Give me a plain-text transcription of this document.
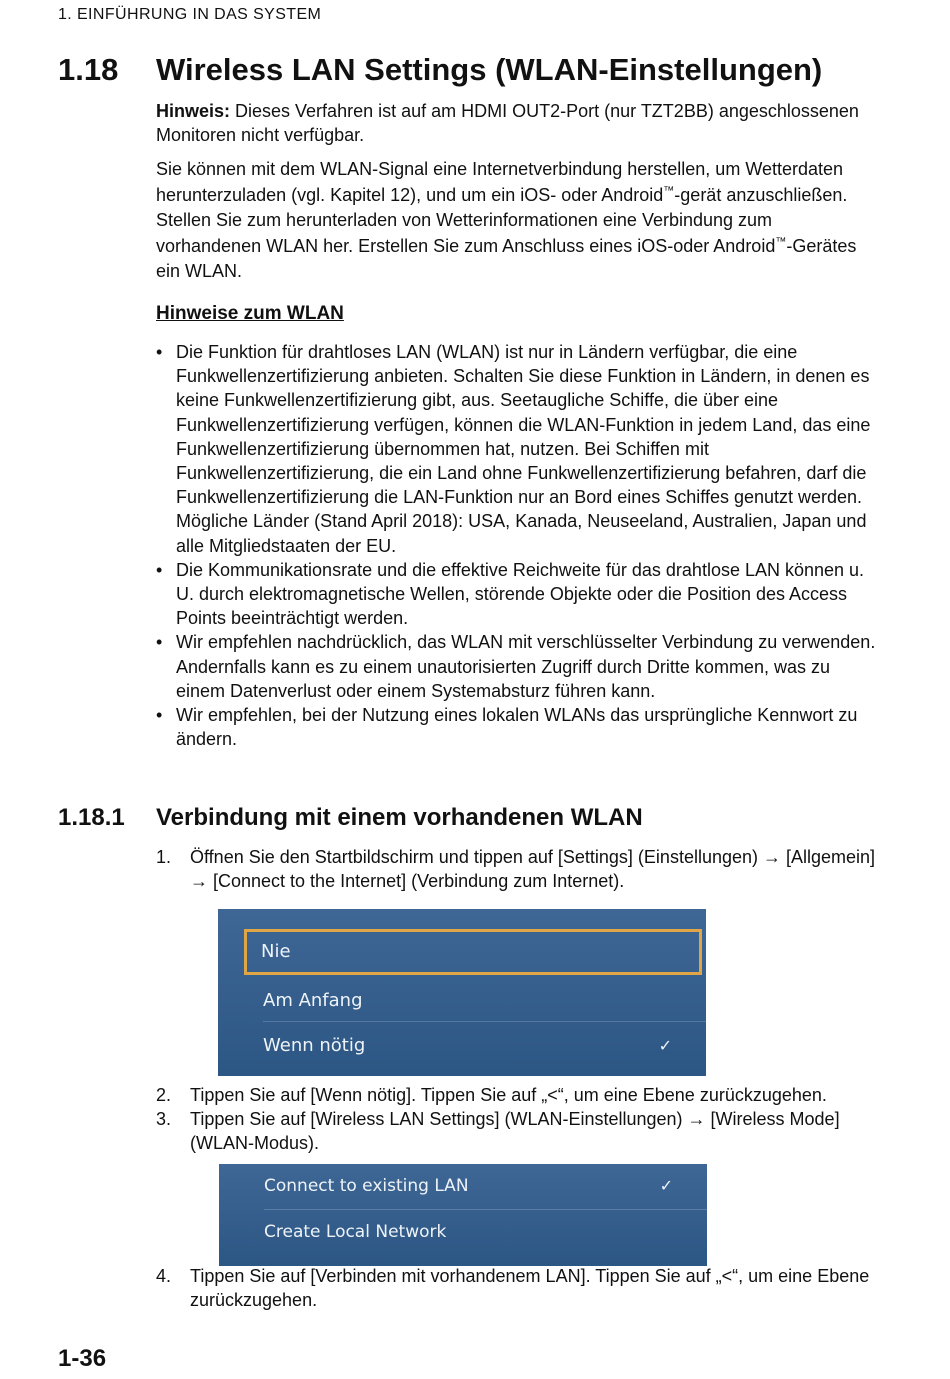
1. EINFÜHRUNG IN DAS SYSTEM
1.18 Wireless LAN Settings (WLAN-Einstellungen)
Hinweis: Dieses Verfahren ist auf am HDMI OUT2-Port (nur TZT2BB) angeschlossenen Monitoren nicht verfügbar.
Sie können mit dem WLAN-Signal eine Internetverbindung herstellen, um Wetterdaten herunterzuladen (vgl. Kapitel 12), und um ein iOS- oder Android™-gerät anzuschließen. Stellen Sie zum herunterladen von Wetterinformationen eine Verbindung zum vorhandenen WLAN her. Erstellen Sie zum Anschluss eines iOS-oder Android™-Gerätes ein WLAN.
Hinweise zum WLAN
• Die Funktion für drahtloses LAN (WLAN) ist nur in Ländern verfügbar, die eine Funkwellenzertifizierung anbieten. Schalten Sie diese Funktion in Ländern, in denen es keine Funkwellenzertifizierung gibt, aus. Seetaugliche Schiffe, die über eine Funkwellenzertifizierung verfügen, können die WLAN-Funktion in jedem Land, das eine Funkwellenzertifizierung übernommen hat, nutzen. Bei Schiffen mit Funkwellenzertifizierung, die ein Land ohne Funkwellenzertifizierung befahren, darf die Funkwellenzertifizierung die LAN-Funktion nur an Bord eines Schiffes genutzt werden.
Mögliche Länder (Stand April 2018): USA, Kanada, Neuseeland, Australien, Japan und alle Mitgliedstaaten der EU.
• Die Kommunikationsrate und die effektive Reichweite für das drahtlose LAN können u. U. durch elektromagnetische Wellen, störende Objekte oder die Position des Access Points beeinträchtigt werden.
• Wir empfehlen nachdrücklich, das WLAN mit verschlüsselter Verbindung zu verwenden. Andernfalls kann es zu einem unautorisierten Zugriff durch Dritte kommen, was zu einem Datenverlust oder einem Systemabsturz führen kann.
• Wir empfehlen, bei der Nutzung eines lokalen WLANs das ursprüngliche Kennwort zu ändern.
1.18.1 Verbindung mit einem vorhandenen WLAN
1. Öffnen Sie den Startbildschirm und tippen auf [Settings] (Einstellungen) → [Allgemein] → [Connect to the Internet] (Verbindung zum Internet).
Nie
Am Anfang
Wenn nötig	✓
2. Tippen Sie auf [Wenn nötig]. Tippen Sie auf „<“, um eine Ebene zurückzugehen.
3. Tippen Sie auf [Wireless LAN Settings] (WLAN-Einstellungen) → [Wireless Mode] (WLAN-Modus).
Connect to existing LAN	✓
Create Local Network
4. Tippen Sie auf [Verbinden mit vorhandenem LAN]. Tippen Sie auf „<“, um eine Ebene zurückzugehen.
1-36
